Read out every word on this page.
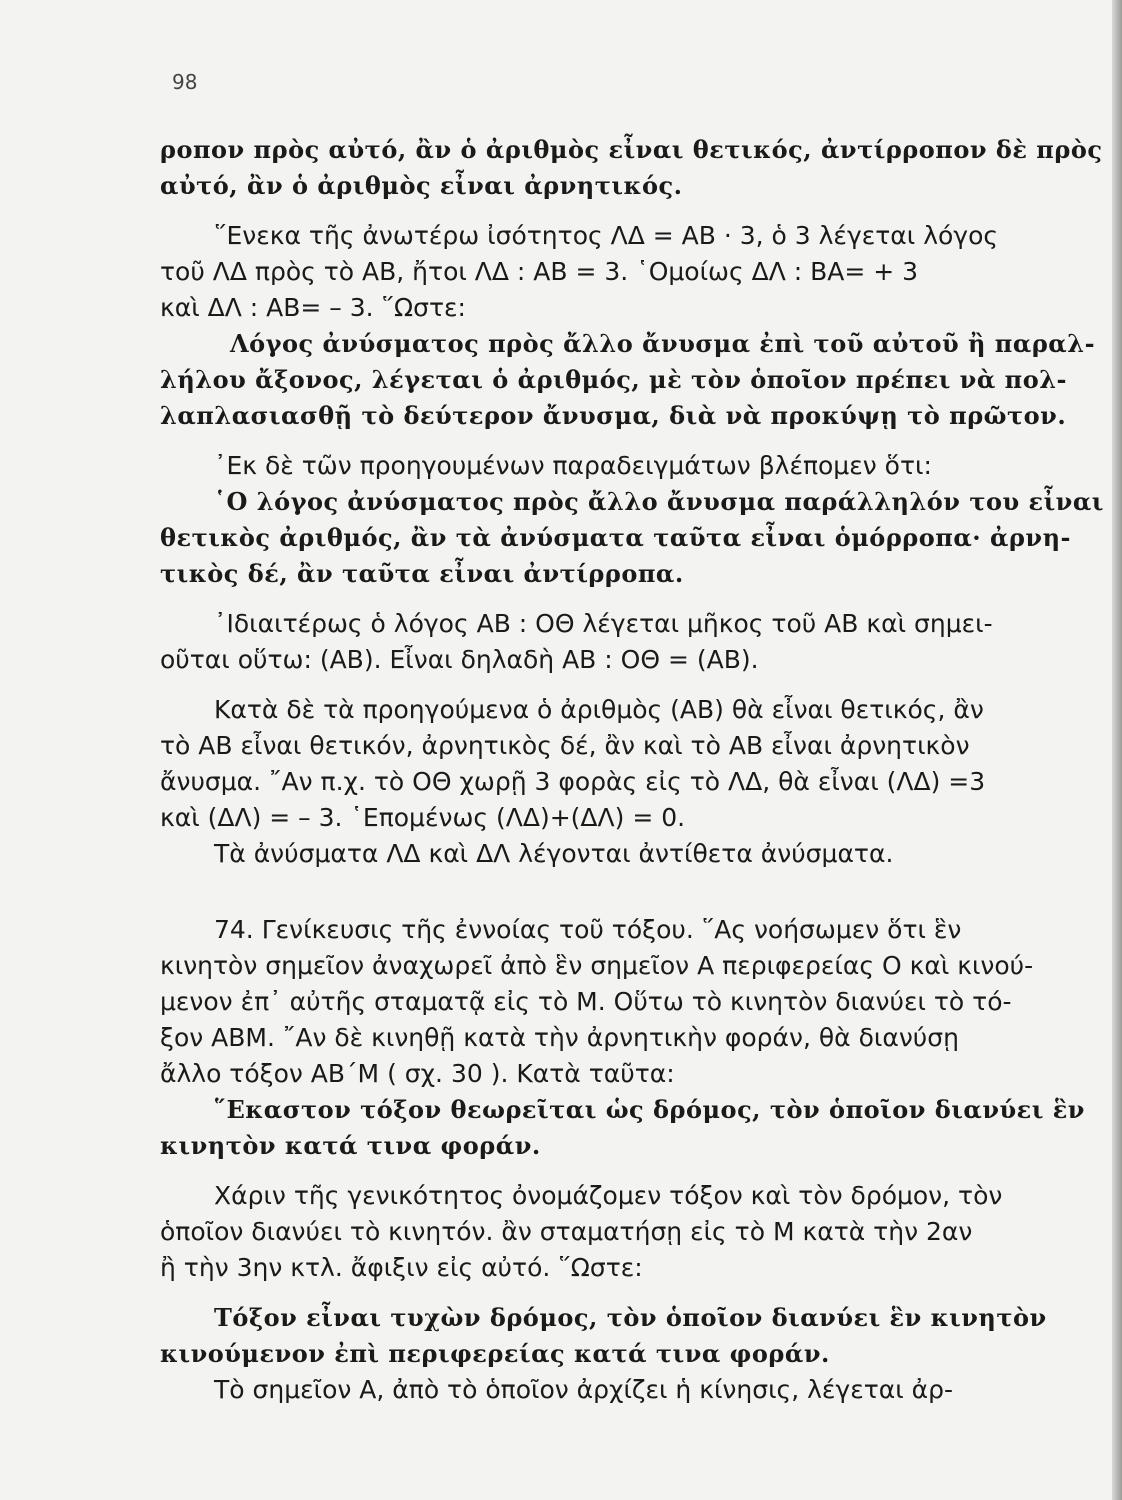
98
ροπον πρὸς αὐτό, ἂν ὁ ἀριθμὸς εἶναι θετικός, ἀντίρροπον δὲ πρὸς
αὐτό, ἂν ὁ ἀριθμὸς εἶναι ἀρνητικός.
῞Ενεκα τῆς ἀνωτέρω ἰσότητος ΛΔ = ΑΒ · 3, ὁ 3 λέγεται λόγος
τοῦ ΛΔ πρὸς τὸ ΑΒ, ἤτοι ΛΔ : ΑΒ = 3. ῾Ομοίως ΔΛ : ΒΑ= + 3
καὶ ΔΛ : ΑΒ= – 3. ῞Ωστε:
Λόγος ἀνύσματος πρὸς ἄλλο ἄνυσμα ἐπὶ τοῦ αὐτοῦ ἢ παραλ-
λήλου ἄξονος, λέγεται ὁ ἀριθμός, μὲ τὸν ὁποῖον πρέπει νὰ πολ-
λαπλασιασθῇ τὸ δεύτερον ἄνυσμα, διὰ νὰ προκύψῃ τὸ πρῶτον.
᾿Εκ δὲ τῶν προηγουμένων παραδειγμάτων βλέπομεν ὅτι:
῾Ο λόγος ἀνύσματος πρὸς ἄλλο ἄνυσμα παράλληλόν του εἶναι
θετικὸς ἀριθμός, ἂν τὰ ἀνύσματα ταῦτα εἶναι ὁμόρροπα· ἀρνη-
τικὸς δέ, ἂν ταῦτα εἶναι ἀντίρροπα.
᾿Ιδιαιτέρως ὁ λόγος ΑΒ : ΟΘ λέγεται μῆκος τοῦ ΑΒ καὶ σημει-
οῦται οὕτω: (ΑΒ). Εἶναι δηλαδὴ ΑΒ : ΟΘ = (ΑΒ).
Κατὰ δὲ τὰ προηγούμενα ὁ ἀριθμὸς (ΑΒ) θὰ εἶναι θετικός, ἂν
τὸ ΑΒ εἶναι θετικόν, ἀρνητικὸς δέ, ἂν καὶ τὸ ΑΒ εἶναι ἀρνητικὸν
ἄνυσμα. ῎Αν π.χ. τὸ ΟΘ χωρῇ 3 φορὰς εἰς τὸ ΛΔ, θὰ εἶναι (ΛΔ) =3
καὶ (ΔΛ) = – 3. ῾Επομένως (ΛΔ)+(ΔΛ) = 0.
Τὰ ἀνύσματα ΛΔ καὶ ΔΛ λέγονται ἀντίθετα ἀνύσματα.
74. Γενίκευσις τῆς ἐννοίας τοῦ τόξου. ῞Ας νοήσωμεν ὅτι ἓν
κινητὸν σημεῖον ἀναχωρεῖ ἀπὸ ἓν σημεῖον Α περιφερείας Ο καὶ κινού-
μενον ἐπ᾿ αὐτῆς σταματᾷ εἰς τὸ Μ. Οὕτω τὸ κινητὸν διανύει τὸ τό-
ξον ΑΒΜ. ῎Αν δὲ κινηθῇ κατὰ τὴν ἀρνητικὴν φοράν, θὰ διανύσῃ
ἄλλο τόξον ΑΒ΄Μ ( σχ. 30 ). Κατὰ ταῦτα:
῞Εκαστον τόξον θεωρεῖται ὡς δρόμος, τὸν ὁποῖον διανύει ἓν
κινητὸν κατά τινα φοράν.
Χάριν τῆς γενικότητος ὀνομάζομεν τόξον καὶ τὸν δρόμον, τὸν
ὁποῖον διανύει τὸ κινητόν. ἂν σταματήσῃ εἰς τὸ Μ κατὰ τὴν 2αν
ἢ τὴν 3ην κτλ. ἄφιξιν εἰς αὐτό. ῞Ωστε:
Τόξον εἶναι τυχὼν δρόμος, τὸν ὁποῖον διανύει ἓν κινητὸν
κινούμενον ἐπὶ περιφερείας κατά τινα φοράν.
Τὸ σημεῖον Α, ἀπὸ τὸ ὁποῖον ἀρχίζει ἡ κίνησις, λέγεται ἀρ-
